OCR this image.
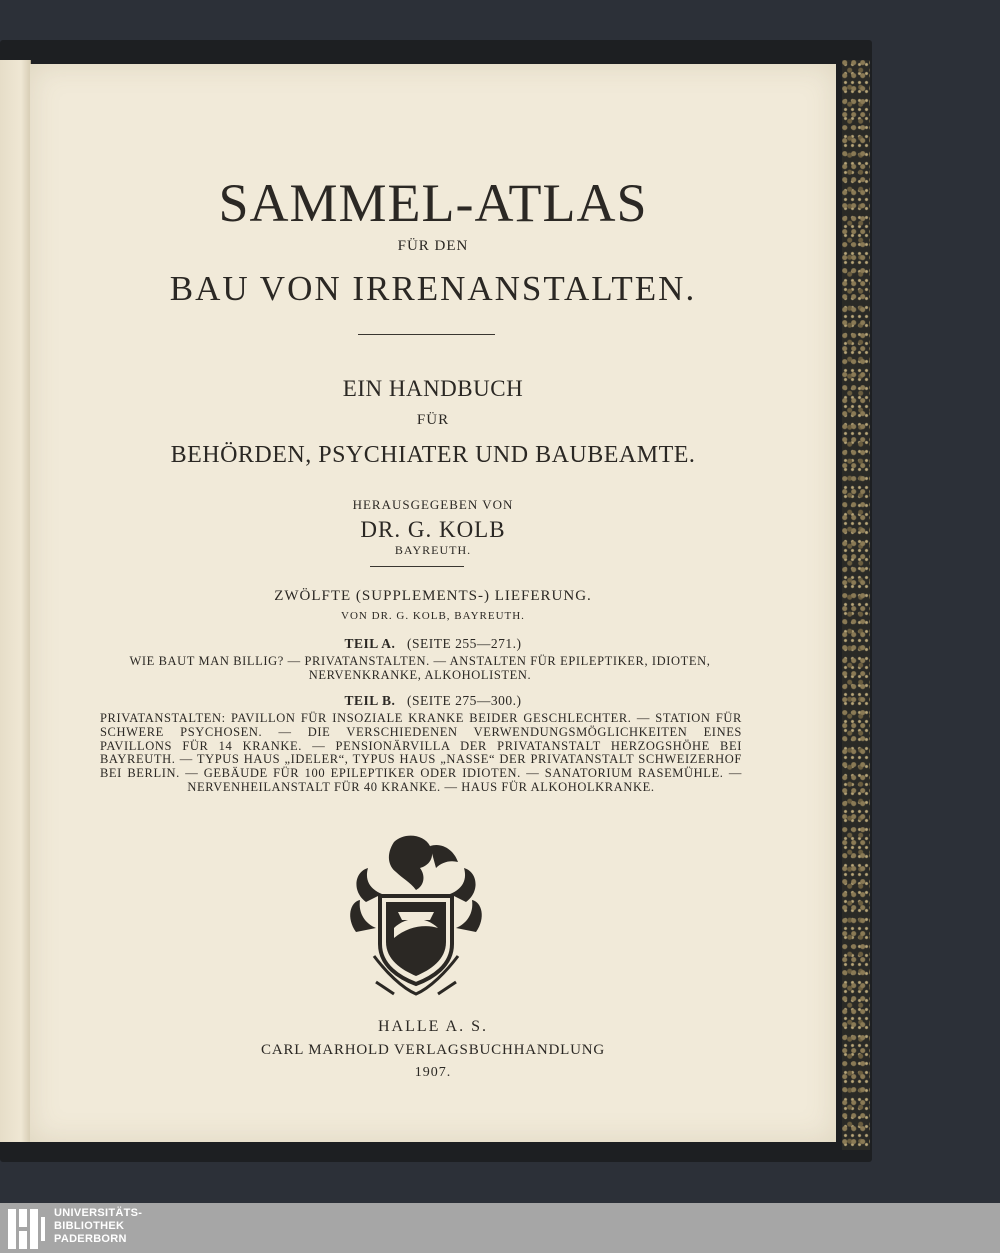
SAMMEL-ATLAS
FÜR DEN
BAU VON IRRENANSTALTEN.
EIN HANDBUCH
FÜR
BEHÖRDEN, PSYCHIATER UND BAUBEAMTE.
HERAUSGEGEBEN VON
DR. G. KOLB
BAYREUTH.
ZWÖLFTE (SUPPLEMENTS-) LIEFERUNG.
VON DR. G. KOLB, BAYREUTH.
TEIL A. (SEITE 255—271.)
WIE BAUT MAN BILLIG? — PRIVATANSTALTEN. — ANSTALTEN FÜR EPILEPTIKER, IDIOTEN, NERVENKRANKE, ALKOHOLISTEN.
TEIL B. (SEITE 275—300.)
PRIVATANSTALTEN: PAVILLON FÜR INSOZIALE KRANKE BEIDER GESCHLECHTER. — STATION FÜR SCHWERE PSYCHOSEN. — DIE VERSCHIEDENEN VERWENDUNGSMÖGLICHKEITEN EINES PAVILLONS FÜR 14 KRANKE. — PENSIONÄRVILLA DER PRIVATANSTALT HERZOGSHÖHE BEI BAYREUTH. — TYPUS HAUS „IDELER“, TYPUS HAUS „NASSE“ DER PRIVATANSTALT SCHWEIZERHOF BEI BERLIN. — GEBÄUDE FÜR 100 EPILEPTIKER ODER IDIOTEN. — SANATORIUM RASEMÜHLE. — NERVENHEILANSTALT FÜR 40 KRANKE. — HAUS FÜR ALKOHOLKRANKE.
HALLE A. S.
CARL MARHOLD VERLAGSBUCHHANDLUNG
1907.
UNIVERSITÄTS-
BIBLIOTHEK
PADERBORN
